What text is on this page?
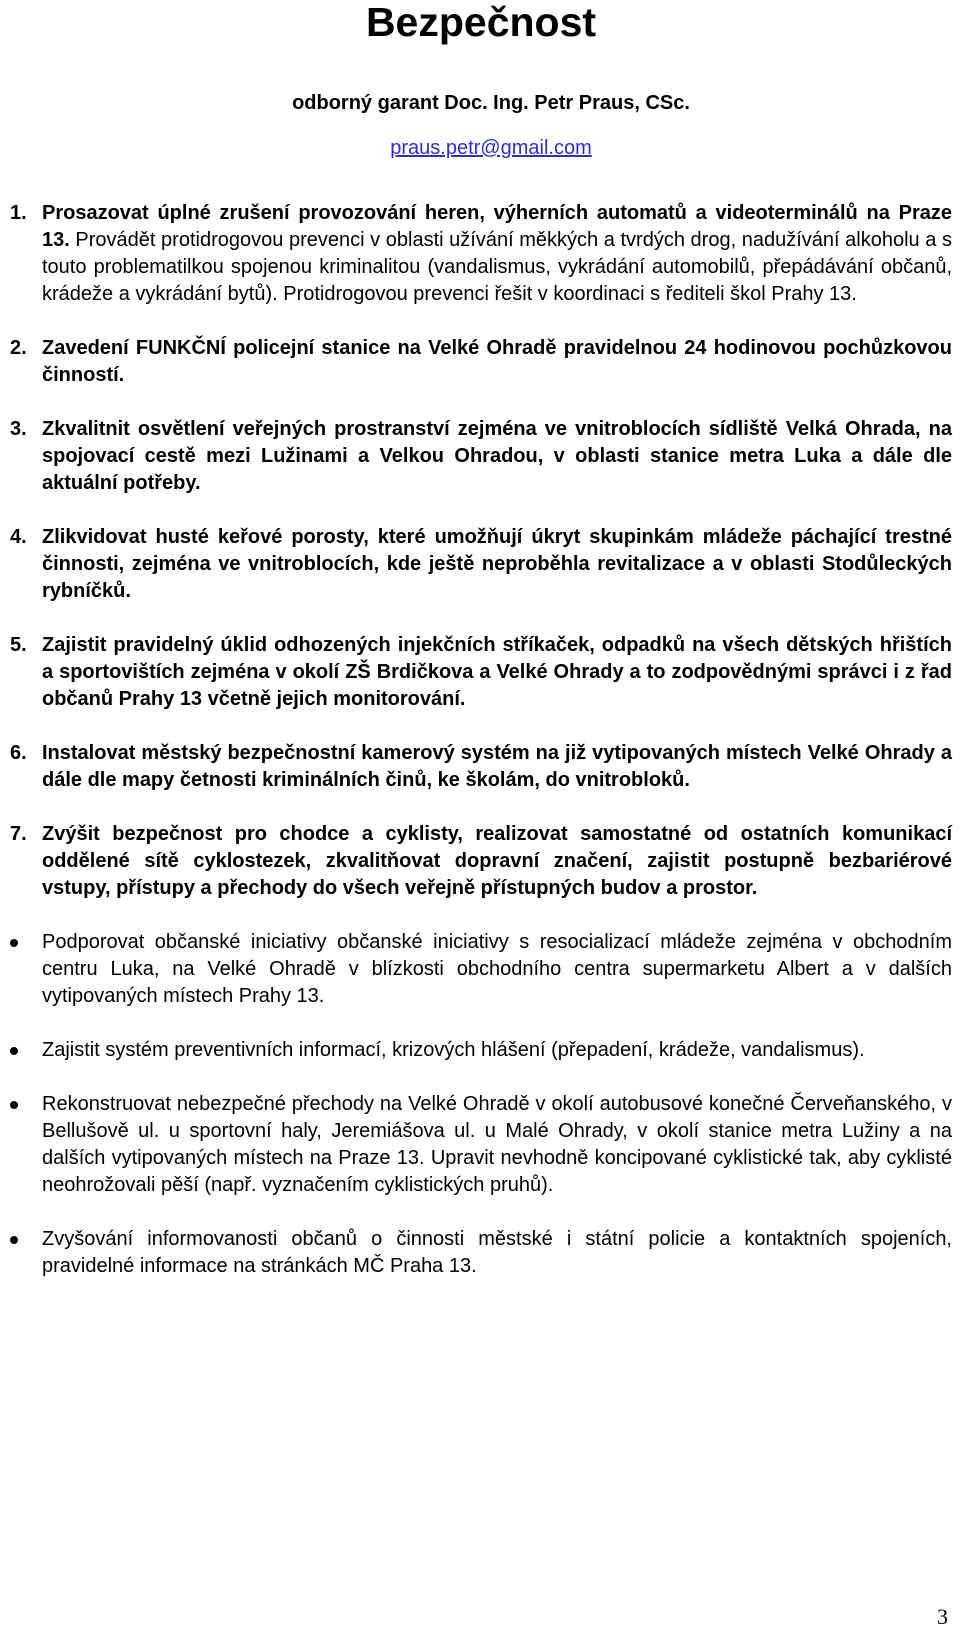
Bezpečnost
odborný garant Doc. Ing. Petr Praus, CSc.
praus.petr@gmail.com
1. Prosazovat úplné zrušení provozování heren, výherních automatů a videoterminálů na Praze 13. Provádět protidrogovou prevenci v oblasti užívání měkkých a tvrdých drog, nadužívání alkoholu a s touto problematilkou spojenou kriminalitou (vandalismus, vykrádání automobilů, přepádávání občanů, krádeže a vykrádání bytů). Protidrogovou prevenci řešit v koordinaci s řediteli škol Prahy 13.
2. Zavedení FUNKČNÍ policejní stanice na Velké Ohradě pravidelnou 24 hodinovou pochůzkovou činností.
3. Zkvalitnit osvětlení veřejných prostranství zejména ve vnitroblocích sídliště Velká Ohrada, na spojovací cestě mezi Lužinami a Velkou Ohradou, v oblasti stanice metra Luka a dále dle aktuální potřeby.
4. Zlikvidovat husté keřové porosty, které umožňují úkryt skupinkám mládeže páchající trestné činnosti, zejména ve vnitroblocích, kde ještě neproběhla revitalizace a v oblasti Stodůleckých rybníčků.
5. Zajistit pravidelný úklid odhozených injekčních stříkaček, odpadků na všech dětských hřištích a sportovištích zejména v okolí ZŠ Brdičkova a Velké Ohrady a to zodpovědnými správci i z řad občanů Prahy 13 včetně jejich monitorování.
6. Instalovat městský bezpečnostní kamerový systém na již vytipovaných místech Velké Ohrady a dále dle mapy četnosti kriminálních činů, ke školám, do vnitrobloků.
7. Zvýšit bezpečnost pro chodce a cyklisty, realizovat samostatné od ostatních komunikací oddělené sítě cyklostezek, zkvalitňovat dopravní značení, zajistit postupně bezbariérové vstupy, přístupy a přechody do všech veřejně přístupných budov a prostor.
Podporovat občanské iniciativy občanské iniciativy s resocializací mládeže zejména v obchodním centru Luka, na Velké Ohradě v blízkosti obchodního centra supermarketu Albert a v dalších vytipovaných místech Prahy 13.
Zajistit systém preventivních informací, krizových hlášení (přepadení, krádeže, vandalismus).
Rekonstruovat nebezpečné přechody na Velké Ohradě v okolí autobusové konečné Červeňanského, v Bellušově ul. u sportovní haly, Jeremiášova ul. u Malé Ohrady, v okolí stanice metra Lužiny a na dalších vytipovaných místech na Praze 13. Upravit nevhodně koncipované cyklistické tak, aby cyklisté neohrožovali pěší (např. vyznačením cyklistických pruhů).
Zvyšování informovanosti občanů o činnosti městské i státní policie a kontaktních spojeních, pravidelné informace na stránkách MČ Praha 13.
3
